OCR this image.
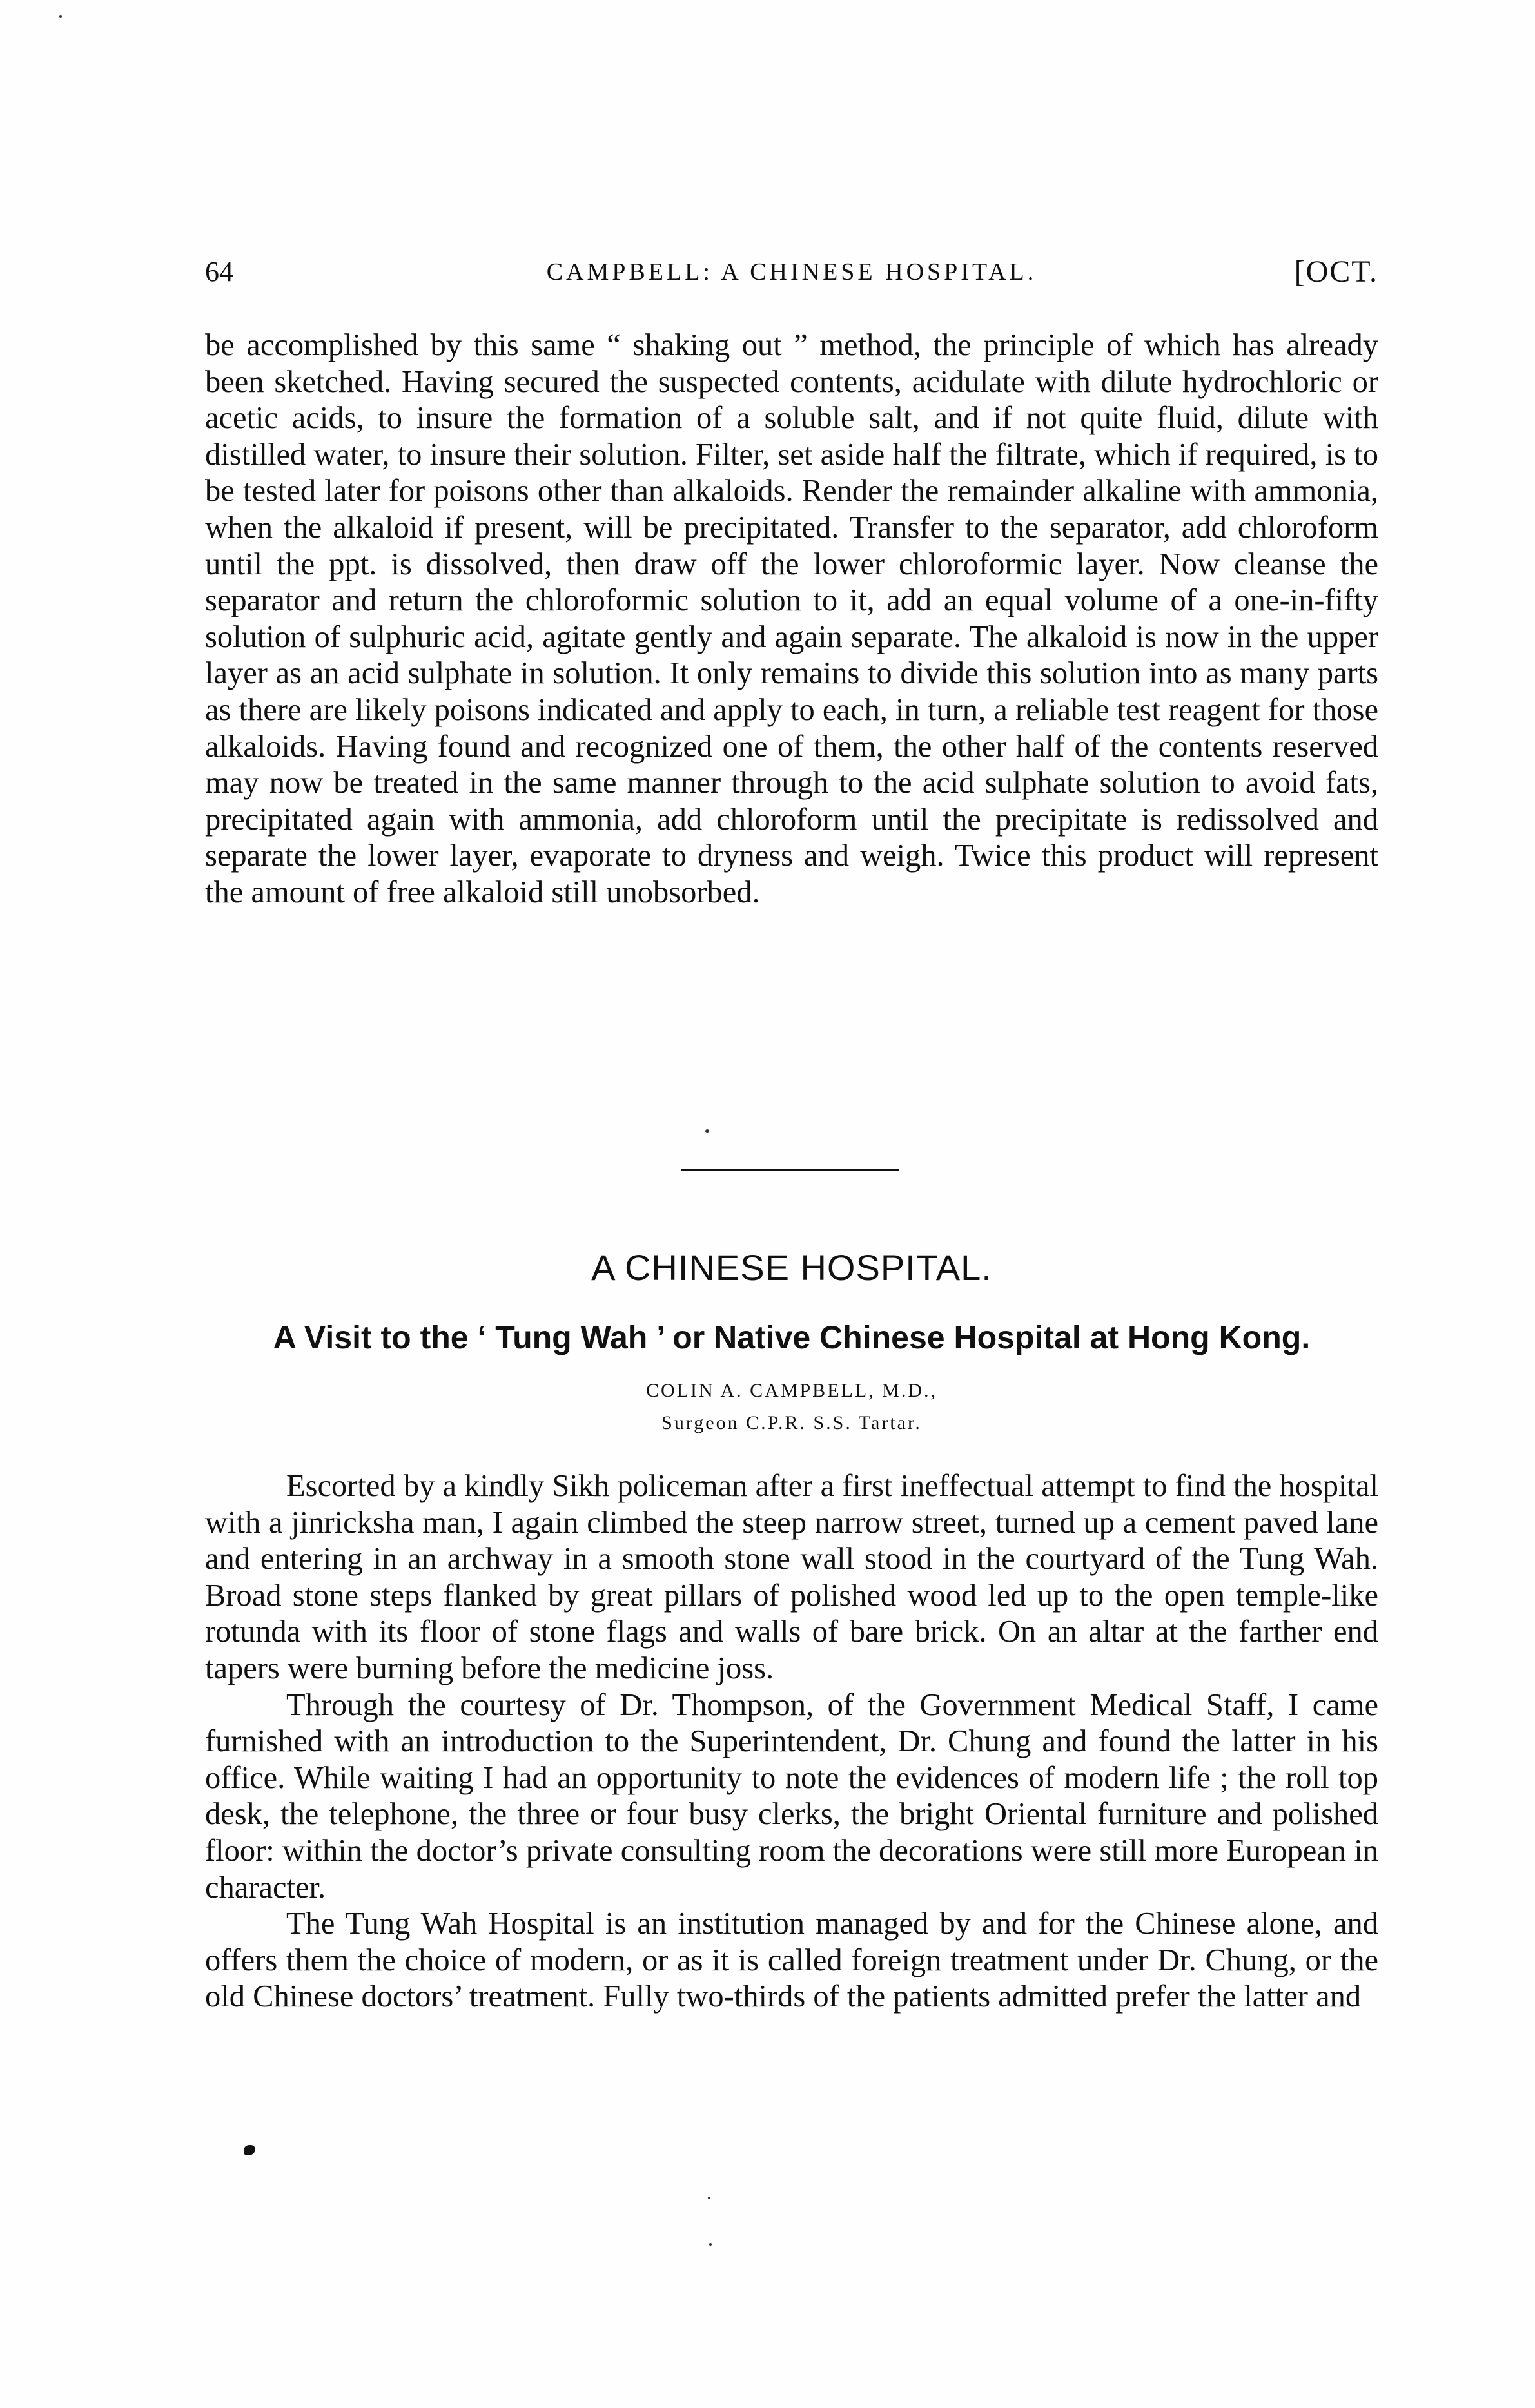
64	CAMPBELL: A CHINESE HOSPITAL.	[OCT.

be accomplished by this same “ shaking out ” method, the principle of which has already been sketched. Having secured the suspected contents, acidulate with dilute hydrochloric or acetic acids, to insure the formation of a soluble salt, and if not quite fluid, dilute with distilled water, to insure their solution. Filter, set aside half the filtrate, which if required, is to be tested later for poisons other than alkaloids. Render the remainder alkaline with ammonia, when the alkaloid if present, will be precipitated. Transfer to the separator, add chloroform until the ppt. is dissolved, then draw off the lower chloroformic layer. Now cleanse the separator and return the chloroformic solution to it, add an equal volume of a one-in-fifty solution of sulphuric acid, agitate gently and again separate. The alkaloid is now in the upper layer as an acid sulphate in solution. It only remains to divide this solution into as many parts as there are likely poisons indicated and apply to each, in turn, a reliable test reagent for those alkaloids. Having found and recognized one of them, the other half of the contents reserved may now be treated in the same manner through to the acid sulphate solution to avoid fats, precipitated again with ammonia, add chloroform until the precipitate is redissolved and separate the lower layer, evaporate to dryness and weigh. Twice this product will represent the amount of free alkaloid still unobsorbed.

A CHINESE HOSPITAL.
A Visit to the ‘ Tung Wah ’ or Native Chinese Hospital at Hong Kong.
COLIN A. CAMPBELL, M.D.,
Surgeon C.P.R. S.S. Tartar.

Escorted by a kindly Sikh policeman after a first ineffectual attempt to find the hospital with a jinricksha man, I again climbed the steep narrow street, turned up a cement paved lane and entering in an archway in a smooth stone wall stood in the courtyard of the Tung Wah. Broad stone steps flanked by great pillars of polished wood led up to the open temple-like rotunda with its floor of stone flags and walls of bare brick. On an altar at the farther end tapers were burning before the medicine joss.

Through the courtesy of Dr. Thompson, of the Government Medical Staff, I came furnished with an introduction to the Superintendent, Dr. Chung and found the latter in his office. While waiting I had an opportunity to note the evidences of modern life ; the roll top desk, the telephone, the three or four busy clerks, the bright Oriental furniture and polished floor: within the doctor’s private consulting room the decorations were still more European in character.

The Tung Wah Hospital is an institution managed by and for the Chinese alone, and offers them the choice of modern, or as it is called foreign treatment under Dr. Chung, or the old Chinese doctors’ treatment. Fully two-thirds of the patients admitted prefer the latter and
